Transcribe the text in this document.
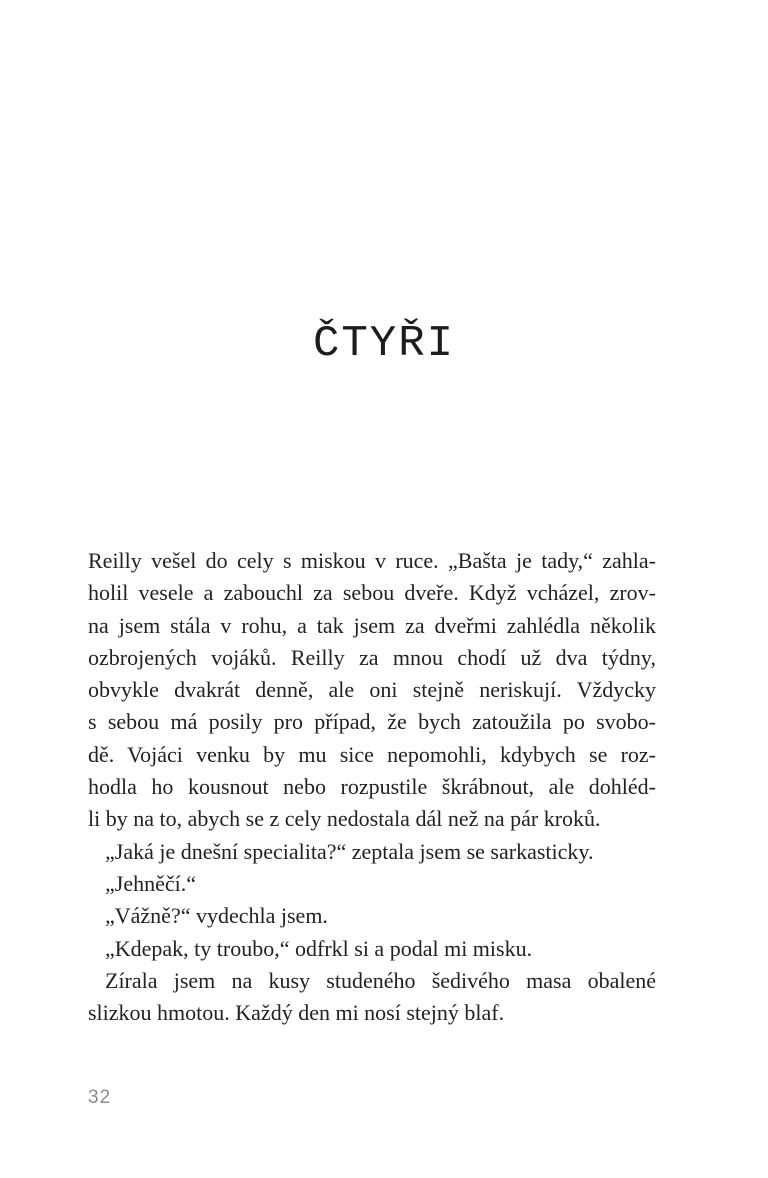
ČTYŘI
Reilly vešel do cely s miskou v ruce. „Bašta je tady,“ zahla-
holil vesele a zabouchl za sebou dveře. Když vcházel, zrov-
na jsem stála v rohu, a tak jsem za dveřmi zahlédla několik
ozbrojených vojáků. Reilly za mnou chodí už dva týdny,
obvykle dvakrát denně, ale oni stejně neriskují. Vždycky
s sebou má posily pro případ, že bych zatoužila po svobo-
dě. Vojáci venku by mu sice nepomohli, kdybych se roz-
hodla ho kousnout nebo rozpustile škrábnout, ale dohléd-
li by na to, abych se z cely nedostala dál než na pár kroků.
„Jaká je dnešní specialita?“ zeptala jsem se sarkasticky.
„Jehněčí.“
„Vážně?“ vydechla jsem.
„Kdepak, ty troubo,“ odfrkl si a podal mi misku.
Zírala jsem na kusy studeného šedivého masa obalené
slizkou hmotou. Každý den mi nosí stejný blaf.
32
